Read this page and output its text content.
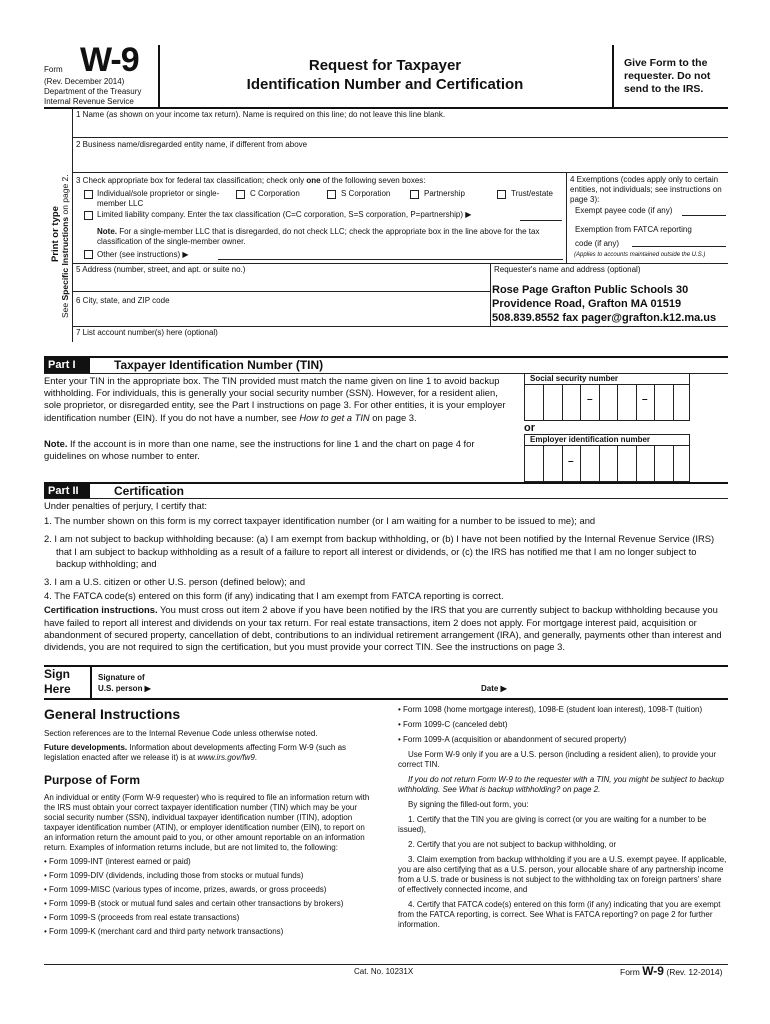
Form W-9
(Rev. December 2014)
Department of the Treasury
Internal Revenue Service
Request for Taxpayer
Identification Number and Certification
Give Form to the requester. Do not send to the IRS.
Print or type
See Specific Instructions on page 2.
1 Name (as shown on your income tax return). Name is required on this line; do not leave this line blank.
2 Business name/disregarded entity name, if different from above
3 Check appropriate box for federal tax classification; check only one of the following seven boxes:
Individual/sole proprietor or single-member LLC
C Corporation	S Corporation	Partnership	Trust/estate
Limited liability company. Enter the tax classification (C=C corporation, S=S corporation, P=partnership) ▶
Note. For a single-member LLC that is disregarded, do not check LLC; check the appropriate box in the line above for the tax classification of the single-member owner.
Other (see instructions) ▶
4 Exemptions (codes apply only to certain entities, not individuals; see instructions on page 3):
Exempt payee code (if any)
Exemption from FATCA reporting code (if any)
(Applies to accounts maintained outside the U.S.)
5 Address (number, street, and apt. or suite no.)	Requester's name and address (optional)
Rose Page Grafton Public Schools 30
Providence Road, Grafton MA 01519
508.839.8552 fax pager@grafton.k12.ma.us
6 City, state, and ZIP code
7 List account number(s) here (optional)
Part I	Taxpayer Identification Number (TIN)
Enter your TIN in the appropriate box. The TIN provided must match the name given on line 1 to avoid backup withholding. For individuals, this is generally your social security number (SSN). However, for a resident alien, sole proprietor, or disregarded entity, see the Part I instructions on page 3. For other entities, it is your employer identification number (EIN). If you do not have a number, see How to get a TIN on page 3.
Note. If the account is in more than one name, see the instructions for line 1 and the chart on page 4 for guidelines on whose number to enter.
Social security number
–	–
or
Employer identification number
–
Part II	Certification

Under penalties of perjury, I certify that:

1. The number shown on this form is my correct taxpayer identification number (or I am waiting for a number to be issued to me); and

2. I am not subject to backup withholding because: (a) I am exempt from backup withholding, or (b) I have not been notified by the Internal Revenue Service (IRS) that I am subject to backup withholding as a result of a failure to report all interest or dividends, or (c) the IRS has notified me that I am no longer subject to backup withholding; and

3. I am a U.S. citizen or other U.S. person (defined below); and

4. The FATCA code(s) entered on this form (if any) indicating that I am exempt from FATCA reporting is correct.

Certification instructions. You must cross out item 2 above if you have been notified by the IRS that you are currently subject to backup withholding because you have failed to report all interest and dividends on your tax return. For real estate transactions, item 2 does not apply. For mortgage interest paid, acquisition or abandonment of secured property, cancellation of debt, contributions to an individual retirement arrangement (IRA), and generally, payments other than interest and dividends, you are not required to sign the certification, but you must provide your correct TIN. See the instructions on page 3.

Sign Here
Signature of
U.S. person ▶	Date ▶
General Instructions

Section references are to the Internal Revenue Code unless otherwise noted.

Future developments. Information about developments affecting Form W-9 (such as legislation enacted after we release it) is at www.irs.gov/fw9.

Purpose of Form

An individual or entity (Form W-9 requester) who is required to file an information return with the IRS must obtain your correct taxpayer identification number (TIN) which may be your social security number (SSN), individual taxpayer identification number (ITIN), adoption taxpayer identification number (ATIN), or employer identification number (EIN), to report on an information return the amount paid to you, or other amount reportable on an information return. Examples of information returns include, but are not limited to, the following:

• Form 1099-INT (interest earned or paid)

• Form 1099-DIV (dividends, including those from stocks or mutual funds)

• Form 1099-MISC (various types of income, prizes, awards, or gross proceeds)

• Form 1099-B (stock or mutual fund sales and certain other transactions by brokers)

• Form 1099-S (proceeds from real estate transactions)

• Form 1099-K (merchant card and third party network transactions)

• Form 1098 (home mortgage interest), 1098-E (student loan interest), 1098-T (tuition)

• Form 1099-C (canceled debt)

• Form 1099-A (acquisition or abandonment of secured property)

Use Form W-9 only if you are a U.S. person (including a resident alien), to provide your correct TIN.

If you do not return Form W-9 to the requester with a TIN, you might be subject to backup withholding. See What is backup withholding? on page 2.

By signing the filled-out form, you:

1. Certify that the TIN you are giving is correct (or you are waiting for a number to be issued),

2. Certify that you are not subject to backup withholding, or

3. Claim exemption from backup withholding if you are a U.S. exempt payee. If applicable, you are also certifying that as a U.S. person, your allocable share of any partnership income from a U.S. trade or business is not subject to the withholding tax on foreign partners' share of effectively connected income, and

4. Certify that FATCA code(s) entered on this form (if any) indicating that you are exempt from the FATCA reporting, is correct. See What is FATCA reporting? on page 2 for further information.

Cat. No. 10231X	Form W-9 (Rev. 12-2014)
